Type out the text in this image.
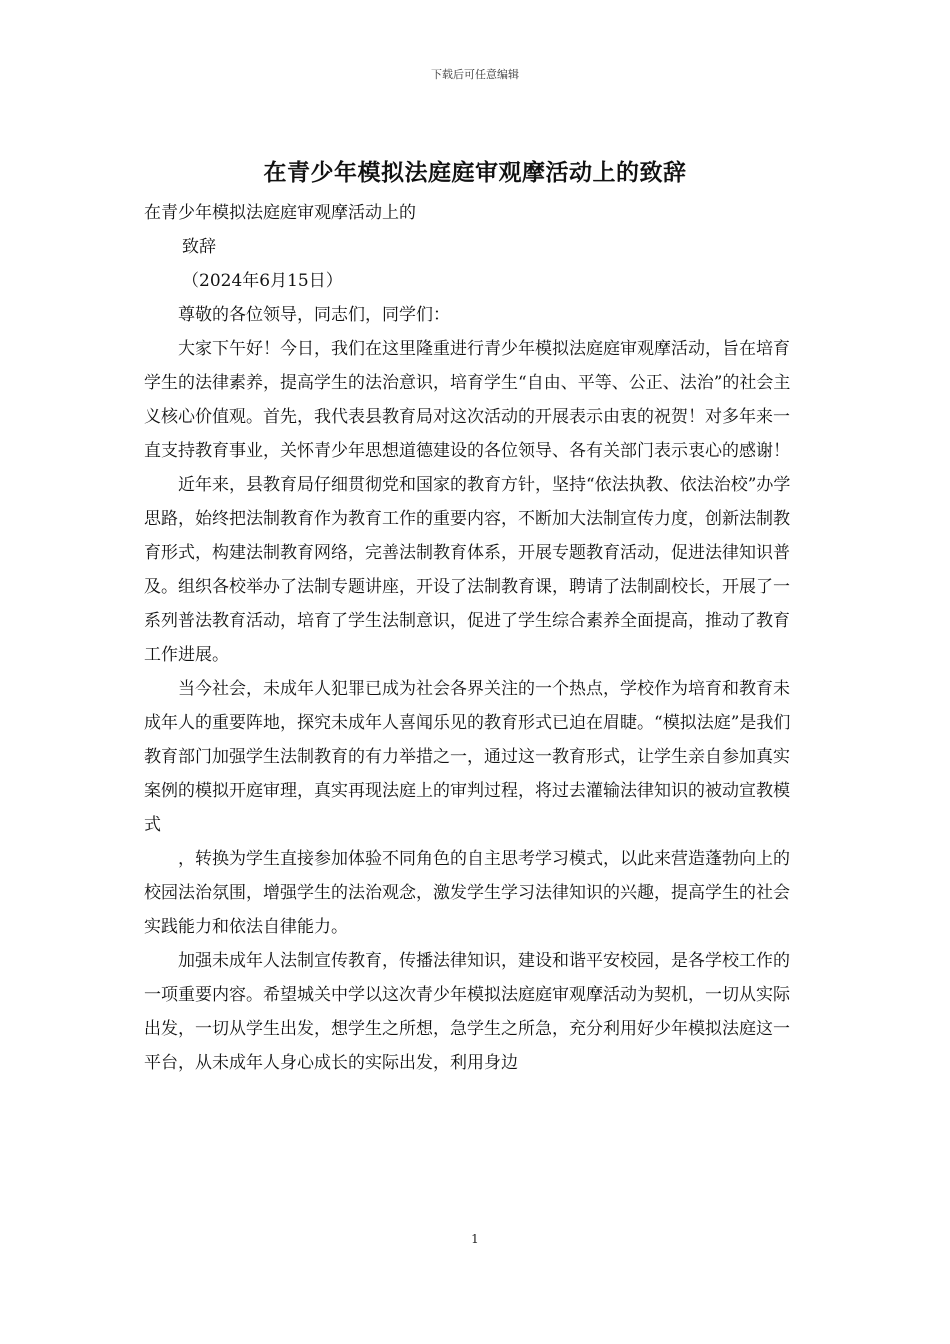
下载后可任意编辑
在青少年模拟法庭庭审观摩活动上的致辞

在青少年模拟法庭庭审观摩活动上的

致辞

（2024年6月15日）

尊敬的各位领导，同志们，同学们：

大家下午好！今日，我们在这里隆重进行青少年模拟法庭庭审观摩活动，旨在培育学生的法律素养，提高学生的法治意识，培育学生“自由、平等、公正、法治”的社会主义核心价值观。首先，我代表县教育局对这次活动的开展表示由衷的祝贺！对多年来一直支持教育事业，关怀青少年思想道德建设的各位领导、各有关部门表示衷心的感谢！

近年来，县教育局仔细贯彻党和国家的教育方针，坚持“依法执教、依法治校”办学思路，始终把法制教育作为教育工作的重要内容，不断加大法制宣传力度，创新法制教育形式，构建法制教育网络，完善法制教育体系，开展专题教育活动，促进法律知识普及。组织各校举办了法制专题讲座，开设了法制教育课，聘请了法制副校长，开展了一系列普法教育活动，培育了学生法制意识，促进了学生综合素养全面提高，推动了教育工作进展。

当今社会，未成年人犯罪已成为社会各界关注的一个热点，学校作为培育和教育未成年人的重要阵地，探究未成年人喜闻乐见的教育形式已迫在眉睫。“模拟法庭”是我们教育部门加强学生法制教育的有力举措之一，通过这一教育形式，让学生亲自参加真实案例的模拟开庭审理，真实再现法庭上的审判过程，将过去灌输法律知识的被动宣教模式

，转换为学生直接参加体验不同角色的自主思考学习模式，以此来营造蓬勃向上的校园法治氛围，增强学生的法治观念，激发学生学习法律知识的兴趣，提高学生的社会实践能力和依法自律能力。

加强未成年人法制宣传教育，传播法律知识，建设和谐平安校园，是各学校工作的一项重要内容。希望城关中学以这次青少年模拟法庭庭审观摩活动为契机，一切从实际出发，一切从学生出发，想学生之所想，急学生之所急，充分利用好少年模拟法庭这一平台，从未成年人身心成长的实际出发，利用身边

1
